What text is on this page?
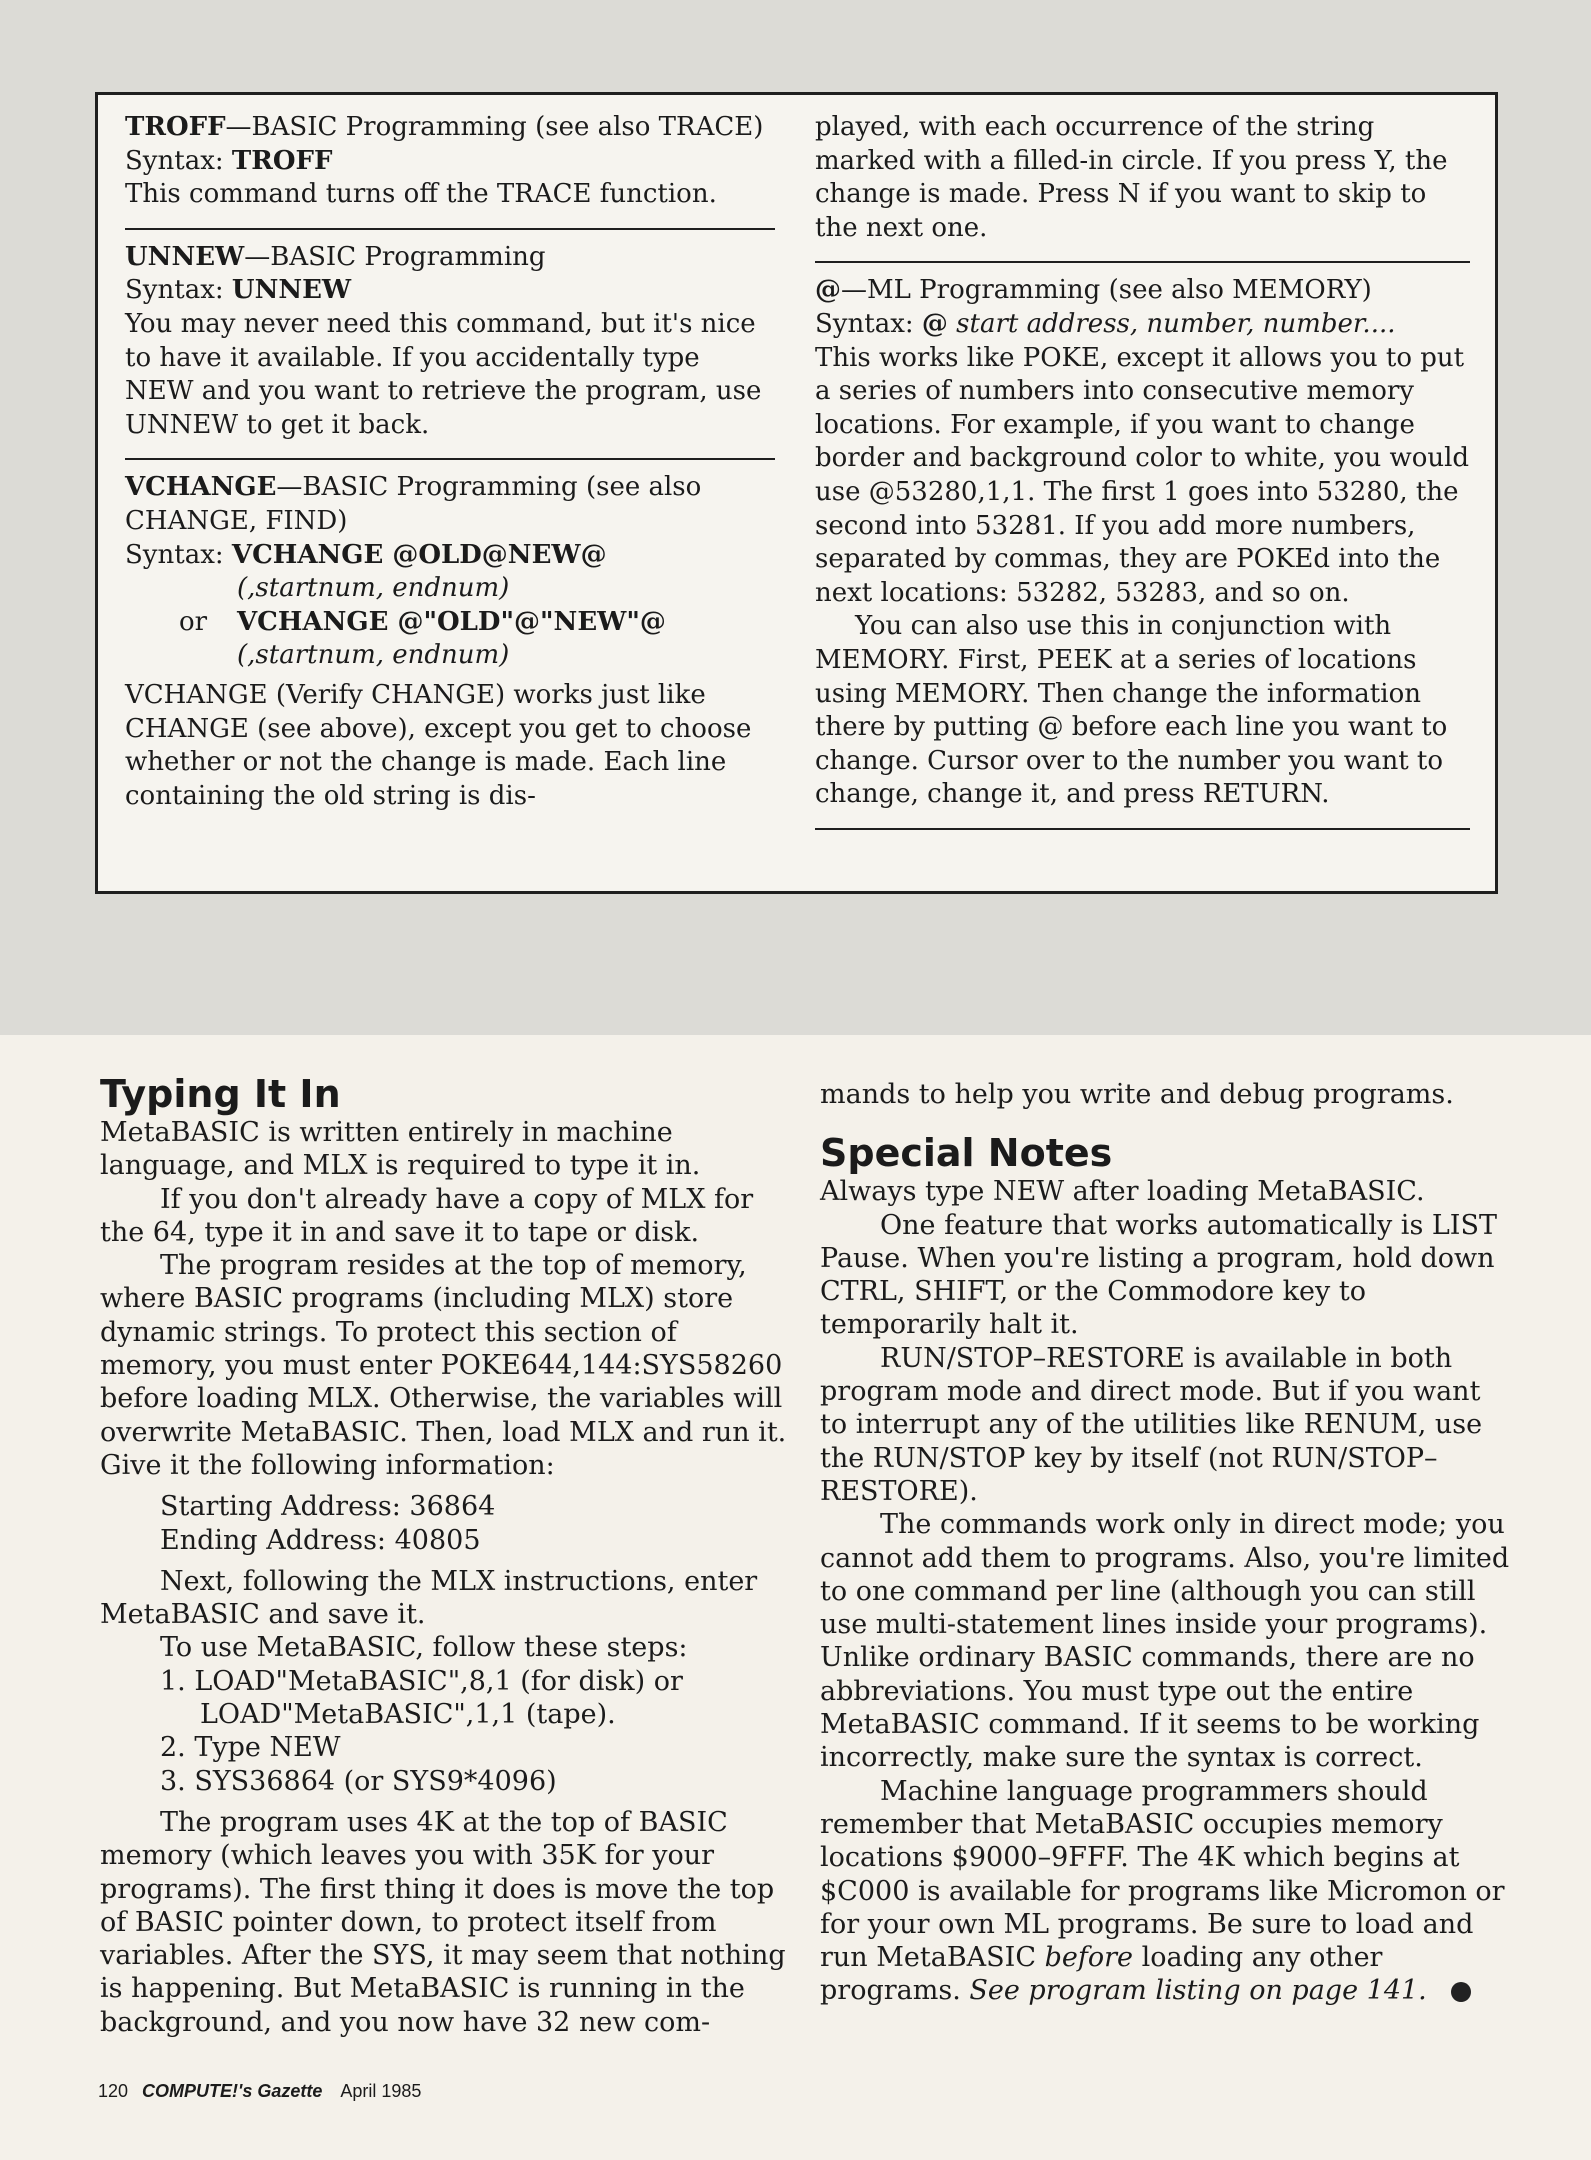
TROFF—BASIC Programming (see also TRACE)

Syntax: TROFF

This command turns off the TRACE function.

UNNEW—BASIC Programming

Syntax: UNNEW

You may never need this command, but it's nice to have it available. If you accidentally type NEW and you want to retrieve the program, use UNNEW to get it back.

VCHANGE—BASIC Programming (see also CHANGE, FIND)

Syntax: VCHANGE @OLD@NEW@

(,startnum, endnum)

or VCHANGE @"OLD"@"NEW"@

(,startnum, endnum)

VCHANGE (Verify CHANGE) works just like CHANGE (see above), except you get to choose whether or not the change is made. Each line containing the old string is dis-

played, with each occurrence of the string marked with a filled-in circle. If you press Y, the change is made. Press N if you want to skip to the next one.

@—ML Programming (see also MEMORY)

Syntax: @ start address, number, number....

This works like POKE, except it allows you to put a series of numbers into consecutive memory locations. For example, if you want to change border and background color to white, you would use @53280,1,1. The first 1 goes into 53280, the second into 53281. If you add more numbers, separated by commas, they are POKEd into the next locations: 53282, 53283, and so on.

You can also use this in conjunction with MEMORY. First, PEEK at a series of locations using MEMORY. Then change the information there by putting @ before each line you want to change. Cursor over to the number you want to change, change it, and press RETURN.

Typing It In

MetaBASIC is written entirely in machine language, and MLX is required to type it in.

If you don't already have a copy of MLX for the 64, type it in and save it to tape or disk.

The program resides at the top of memory, where BASIC programs (including MLX) store dynamic strings. To protect this section of memory, you must enter POKE644,144:SYS58260 before loading MLX. Otherwise, the variables will overwrite MetaBASIC. Then, load MLX and run it. Give it the following information:

Starting Address: 36864

Ending Address: 40805

Next, following the MLX instructions, enter MetaBASIC and save it.

To use MetaBASIC, follow these steps:

1. LOAD"MetaBASIC",8,1 (for disk) or

LOAD"MetaBASIC",1,1 (tape).

2. Type NEW

3. SYS36864 (or SYS9*4096)

The program uses 4K at the top of BASIC memory (which leaves you with 35K for your programs). The first thing it does is move the top of BASIC pointer down, to protect itself from variables. After the SYS, it may seem that nothing is happening. But MetaBASIC is running in the background, and you now have 32 new com-

mands to help you write and debug programs.

Special Notes

Always type NEW after loading MetaBASIC.

One feature that works automatically is LIST Pause. When you're listing a program, hold down CTRL, SHIFT, or the Commodore key to temporarily halt it.

RUN/STOP–RESTORE is available in both program mode and direct mode. But if you want to interrupt any of the utilities like RENUM, use the RUN/STOP key by itself (not RUN/STOP–RESTORE).

The commands work only in direct mode; you cannot add them to programs. Also, you're limited to one command per line (although you can still use multi-statement lines inside your programs). Unlike ordinary BASIC commands, there are no abbreviations. You must type out the entire MetaBASIC command. If it seems to be working incorrectly, make sure the syntax is correct.

Machine language programmers should remember that MetaBASIC occupies memory locations $9000–9FFF. The 4K which begins at $C000 is available for programs like Micromon or for your own ML programs. Be sure to load and run MetaBASIC before loading any other programs. See program listing on page 141.

120 COMPUTE!'s Gazette April 1985
